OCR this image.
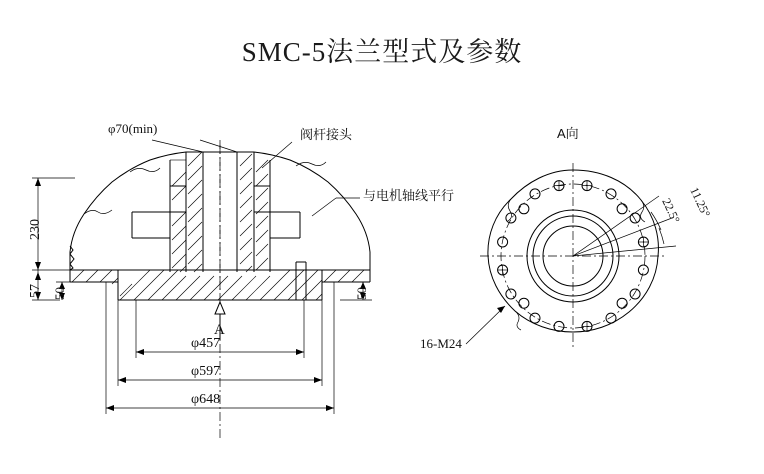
SMC-5法兰型式及参数
φ70(min)	阀杆接头
与电机轴线平行
230
57 50	50
A
φ457
φ597
φ648
A向
11.25°
22.5°
16-M24
